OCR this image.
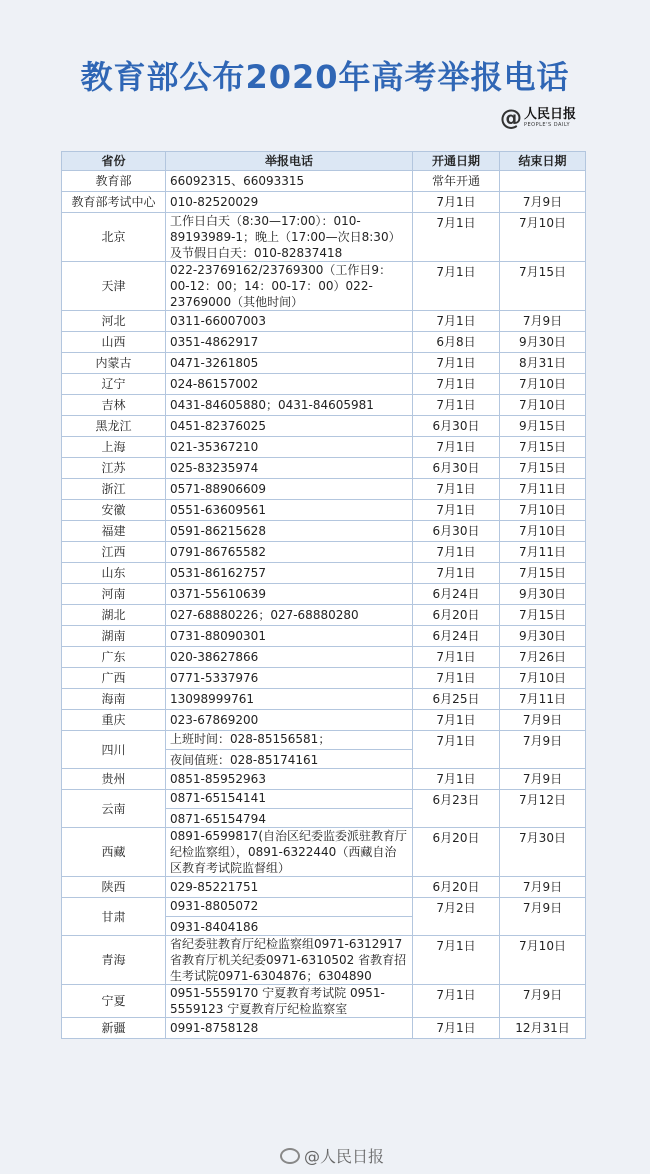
教育部公布2020年高考举报电话
@ 人民日报
PEOPLE'S DAILY
省份	举报电话	开通日期	结束日期
教育部	66092315、66093315	常年开通	
教育部考试中心	010-82520029	7月1日	7月9日
北京	工作日白天（8:30—17:00）：010-89193989-1；晚上（17:00—次日8:30）及节假日白天：010-82837418	7月1日	7月10日
天津	022-23769162/23769300（工作日9：00-12：00；14：00-17：00）022-23769000（其他时间）	7月1日	7月15日
河北	0311-66007003	7月1日	7月9日
山西	0351-4862917	6月8日	9月30日
内蒙古	0471-3261805	7月1日	8月31日
辽宁	024-86157002	7月1日	7月10日
吉林	0431-84605880；0431-84605981	7月1日	7月10日
黑龙江	0451-82376025	6月30日	9月15日
上海	021-35367210	7月1日	7月15日
江苏	025-83235974	6月30日	7月15日
浙江	0571-88906609	7月1日	7月11日
安徽	0551-63609561	7月1日	7月10日
福建	0591-86215628	6月30日	7月10日
江西	0791-86765582	7月1日	7月11日
山东	0531-86162757	7月1日	7月15日
河南	0371-55610639	6月24日	9月30日
湖北	027-68880226；027-68880280	6月20日	7月15日
湖南	0731-88090301	6月24日	9月30日
广东	020-38627866	7月1日	7月26日
广西	0771-5337976	7月1日	7月10日
海南	13098999761	6月25日	7月11日
重庆	023-67869200	7月1日	7月9日
四川	上班时间：028-85156581；
夜间值班：028-85174161	7月1日	7月9日
贵州	0851-85952963	7月1日	7月9日
云南	0871-65154141
0871-65154794	6月23日	7月12日
西藏	0891-6599817(自治区纪委监委派驻教育厅纪检监察组），0891-6322440（西藏自治区教育考试院监督组）	6月20日	7月30日
陕西	029-85221751	6月20日	7月9日
甘肃	0931-8805072
0931-8404186	7月2日	7月9日
青海	省纪委驻教育厅纪检监察组0971-6312917 省教育厅机关纪委0971-6310502 省教育招生考试院0971-6304876；6304890	7月1日	7月10日
宁夏	0951-5559170 宁夏教育考试院 0951-5559123 宁夏教育厅纪检监察室	7月1日	7月9日
新疆	0991-8758128	7月1日	12月31日
@人民日报
